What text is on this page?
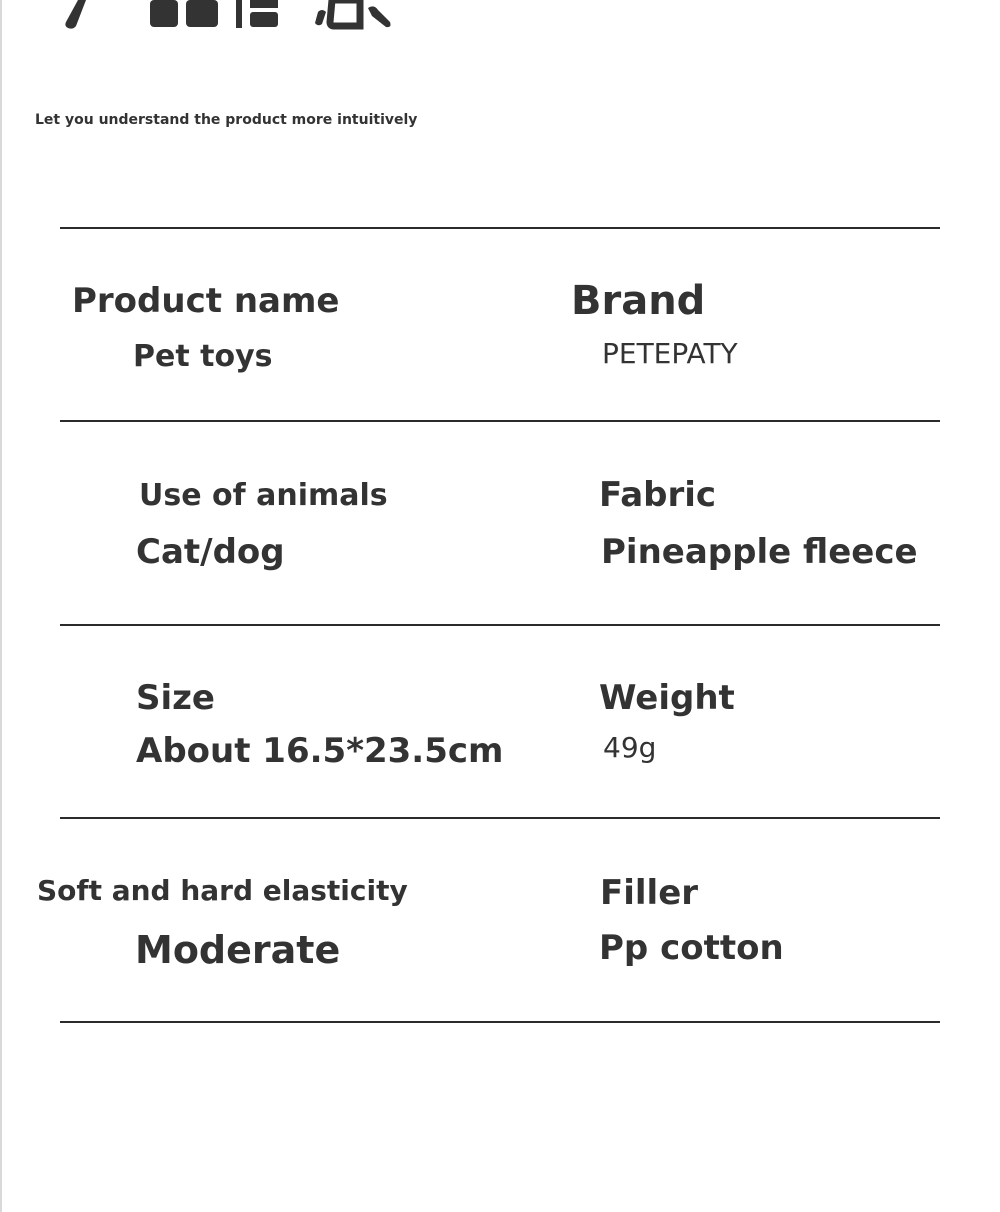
Let you understand the product more intuitively

Product name

Pet toys

Brand

PETEPATY

Use of animals

Cat/dog

Fabric

Pineapple fleece

Size

About 16.5*23.5cm

Weight

49g

Soft and hard elasticity

Moderate

Filler

Pp cotton
